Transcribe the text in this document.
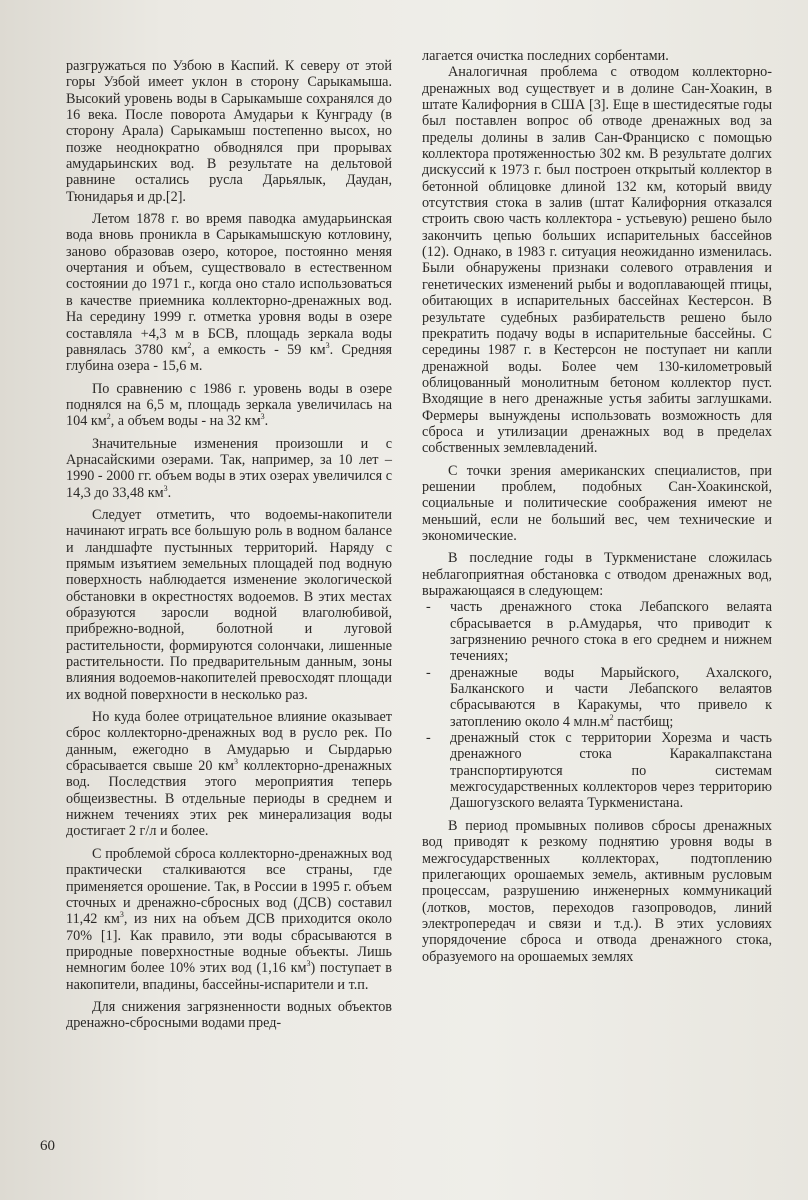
разгружаться по Узбою в Каспий. К северу от этой горы Узбой имеет уклон в сторону Сарыкамыша. Высокий уровень воды в Сарыкамыше сохранялся до 16 века. После поворота Амударьи к Кунграду (в сторону Арала) Сарыкамыш постепенно высох, но позже неоднократно обводнялся при прорывах амударьинских вод. В результате на дельтовой равнине остались русла Дарьялык, Даудан, Тюнидарья и др.[2].

Летом 1878 г. во время паводка амударьинская вода вновь проникла в Сарыкамышскую котловину, заново образовав озеро, которое, постоянно меняя очертания и объем, существовало в естественном состоянии до 1971 г., когда оно стало использоваться в качестве приемника коллекторно-дренажных вод. На середину 1999 г. отметка уровня воды в озере составляла +4,3 м в БСВ, площадь зеркала воды равнялась 3780 $км^2$, а емкость - 59 $км^3$. Средняя глубина озера - 15,6 м.

По сравнению с 1986 г. уровень воды в озере поднялся на 6,5 м, площадь зеркала увеличилась на 104 $км^2$, а объем воды - на 32 $км^3$.

Значительные изменения произошли и с Арнасайскими озерами. Так, например, за 10 лет – 1990 - 2000 гг. объем воды в этих озерах увеличился с 14,3 до 33,48 $км^3$.

Следует отметить, что водоемы-накопители начинают играть все большую роль в водном балансе и ландшафте пустынных территорий. Наряду с прямым изъятием земельных площадей под водную поверхность наблюдается изменение экологической обстановки в окрестностях водоемов. В этих местах образуются заросли водной влаголюбивой, прибрежно-водной, болотной и луговой растительности, формируются солончаки, лишенные растительности. По предварительным данным, зоны влияния водоемов-накопителей превосходят площади их водной поверхности в несколько раз.

Но куда более отрицательное влияние оказывает сброс коллекторно-дренажных вод в русло рек. По данным, ежегодно в Амударью и Сырдарью сбрасывается свыше 20 $км^3$ коллекторно-дренажных вод. Последствия этого мероприятия теперь общеизвестны. В отдельные периоды в среднем и нижнем течениях этих рек минерализация воды достигает 2 г/л и более.

С проблемой сброса коллекторно-дренажных вод практически сталкиваются все страны, где применяется орошение. Так, в России в 1995 г. объем сточных и дренажно-сбросных вод (ДСВ) составил 11,42 $км^3$, из них на объем ДСВ приходится около 70% [1]. Как правило, эти воды сбрасываются в природные поверхностные водные объекты. Лишь немногим более 10% этих вод (1,16 $км^3$) поступает в накопители, впадины, бассейны-испарители и т.п.

Для снижения загрязненности водных объектов дренажно-сбросными водами пред-

лагается очистка последних сорбентами.

Аналогичная проблема с отводом коллекторно-дренажных вод существует и в долине Сан-Хоакин, в штате Калифорния в США [3]. Еще в шестидесятые годы был поставлен вопрос об отводе дренажных вод за пределы долины в залив Сан-Франциско с помощью коллектора протяженностью 302 км. В результате долгих дискуссий к 1973 г. был построен открытый коллектор в бетонной облицовке длиной 132 км, который ввиду отсутствия стока в залив (штат Калифорния отказался строить свою часть коллектора - устьевую) решено было закончить цепью больших испарительных бассейнов (12). Однако, в 1983 г. ситуация неожиданно изменилась. Были обнаружены признаки солевого отравления и генетических изменений рыбы и водоплавающей птицы, обитающих в испарительных бассейнах Кестерсон. В результате судебных разбирательств решено было прекратить подачу воды в испарительные бассейны. С середины 1987 г. в Кестерсон не поступает ни капли дренажной воды. Более чем 130-километровый облицованный монолитным бетоном коллектор пуст. Входящие в него дренажные устья забиты заглушками. Фермеры вынуждены использовать возможность для сброса и утилизации дренажных вод в пределах собственных землевладений.

С точки зрения американских специалистов, при решении проблем, подобных Сан-Хоакинской, социальные и политические соображения имеют не меньший, если не больший вес, чем технические и экономические.

В последние годы в Туркменистане сложилась неблагоприятная обстановка с отводом дренажных вод, выражающаяся в следующем:

- часть дренажного стока Лебапского велаята сбрасывается в р.Амударья, что приводит к загрязнению речного стока в его среднем и нижнем течениях;
- дренажные воды Марыйского, Ахалского, Балканского и части Лебапского велаятов сбрасываются в Каракумы, что привело к затоплению около 4 $млн.м^2$ пастбищ;
- дренажный сток с территории Хорезма и часть дренажного стока Каракалпакстана транспортируются по системам межгосударственных коллекторов через территорию Дашогузского велаята Туркменистана.

В период промывных поливов сбросы дренажных вод приводят к резкому поднятию уровня воды в межгосударственных коллекторах, подтоплению прилегающих орошаемых земель, активным русловым процессам, разрушению инженерных коммуникаций (лотков, мостов, переходов газопроводов, линий электропередач и связи и т.д.). В этих условиях упорядочение сброса и отвода дренажного стока, образуемого на орошаемых землях

60
